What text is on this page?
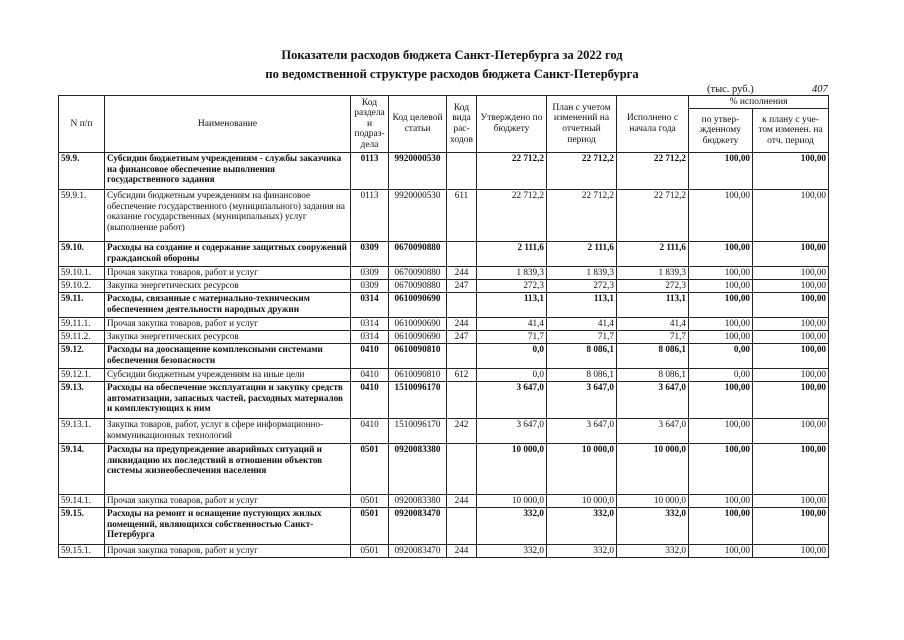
Показатели расходов бюджета Санкт-Петербурга за 2022 год
по ведомственной структуре расходов бюджета Санкт-Петербурга
(тыс. руб.)	407
N п/п	Наименование	Код раздела и подраз-дела	Код целевой статьи	Код вида рас-ходов	Утверждено по бюджету	План с учетом изменений на отчетный период	Исполнено с начала года	% исполнения	
								по утвер-жденному бюджету	к плану с уче-том изменен. на отч. период
59.9.	Субсидии бюджетным учреждениям - службы заказчика на финансовое обеспечение выполнения государственного задания	0113	9920000530		22 712,2	22 712,2	22 712,2	100,00	100,00
59.9.1.	Субсидии бюджетным учреждениям на финансовое обеспечение государственного (муниципального) задания на оказание государственных (муниципальных) услуг (выполнение работ)	0113	9920000530	611	22 712,2	22 712,2	22 712,2	100,00	100,00
59.10.	Расходы на создание и содержание защитных сооружений гражданской обороны	0309	0670090880		2 111,6	2 111,6	2 111,6	100,00	100,00
59.10.1.	Прочая закупка товаров, работ и услуг	0309	0670090880	244	1 839,3	1 839,3	1 839,3	100,00	100,00
59.10.2.	Закупка энергетических ресурсов	0309	0670090880	247	272,3	272,3	272,3	100,00	100,00
59.11.	Расходы, связанные с материально-техническим обеспечением деятельности народных дружин	0314	0610090690		113,1	113,1	113,1	100,00	100,00
59.11.1.	Прочая закупка товаров, работ и услуг	0314	0610090690	244	41,4	41,4	41,4	100,00	100,00
59.11.2.	Закупка энергетических ресурсов	0314	0610090690	247	71,7	71,7	71,7	100,00	100,00
59.12.	Расходы на дооснащение комплексными системами обеспечения безопасности	0410	0610090810		0,0	8 086,1	8 086,1	0,00	100,00
59.12.1.	Субсидии бюджетным учреждениям на иные цели	0410	0610090810	612	0,0	8 086,1	8 086,1	0,00	100,00
59.13.	Расходы на обеспечение эксплуатации и закупку средств автоматизации, запасных частей, расходных материалов и комплектующих к ним	0410	1510096170		3 647,0	3 647,0	3 647,0	100,00	100,00
59.13.1.	Закупка товаров, работ, услуг в сфере информационно-коммуникационных технологий	0410	1510096170	242	3 647,0	3 647,0	3 647,0	100,00	100,00
59.14.	Расходы на предупреждение аварийных ситуаций и ликвидацию их последствий в отношении объектов системы жизнеобеспечения населения	0501	0920083380		10 000,0	10 000,0	10 000,0	100,00	100,00
59.14.1.	Прочая закупка товаров, работ и услуг	0501	0920083380	244	10 000,0	10 000,0	10 000,0	100,00	100,00
59.15.	Расходы на ремонт и оснащение пустующих жилых помещений, являющихся собственностью Санкт-Петербурга	0501	0920083470		332,0	332,0	332,0	100,00	100,00
59.15.1.	Прочая закупка товаров, работ и услуг	0501	0920083470	244	332,0	332,0	332,0	100,00	100,00
